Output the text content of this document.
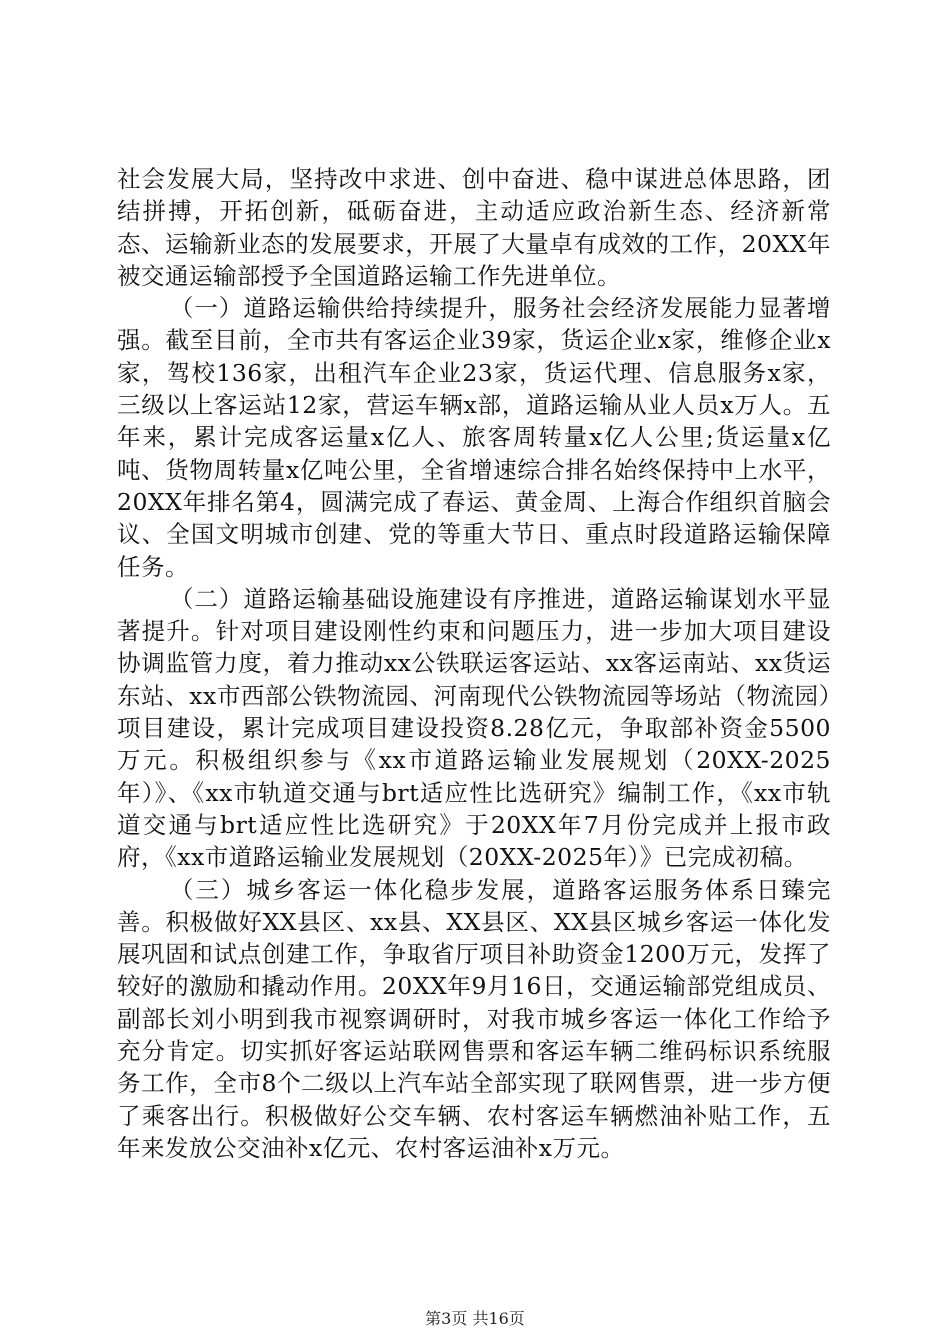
社会发展大局，坚持改中求进、创中奋进、稳中谋进总体思路，团结拼搏，开拓创新，砥砺奋进，主动适应政治新生态、经济新常态、运输新业态的发展要求，开展了大量卓有成效的工作，20XX年被交通运输部授予全国道路运输工作先进单位。

（一）道路运输供给持续提升，服务社会经济发展能力显著增强。截至目前，全市共有客运企业39家，货运企业x家，维修企业x家，驾校136家，出租汽车企业23家，货运代理、信息服务x家，三级以上客运站12家，营运车辆x部，道路运输从业人员x万人。五年来，累计完成客运量x亿人、旅客周转量x亿人公里;货运量x亿吨、货物周转量x亿吨公里，全省增速综合排名始终保持中上水平，20XX年排名第4，圆满完成了春运、黄金周、上海合作组织首脑会议、全国文明城市创建、党的等重大节日、重点时段道路运输保障任务。

（二）道路运输基础设施建设有序推进，道路运输谋划水平显著提升。针对项目建设刚性约束和问题压力，进一步加大项目建设协调监管力度，着力推动xx公铁联运客运站、xx客运南站、xx货运东站、xx市西部公铁物流园、河南现代公铁物流园等场站（物流园）项目建设，累计完成项目建设投资8.28亿元，争取部补资金5500万元。积极组织参与《xx市道路运输业发展规划（20XX-2025年）》、《xx市轨道交通与brt适应性比选研究》编制工作，《xx市轨道交通与brt适应性比选研究》于20XX年7月份完成并上报市政府，《xx市道路运输业发展规划（20XX-2025年）》已完成初稿。

（三）城乡客运一体化稳步发展，道路客运服务体系日臻完善。积极做好XX县区、xx县、XX县区、XX县区城乡客运一体化发展巩固和试点创建工作，争取省厅项目补助资金1200万元，发挥了较好的激励和撬动作用。20XX年9月16日，交通运输部党组成员、副部长刘小明到我市视察调研时，对我市城乡客运一体化工作给予充分肯定。切实抓好客运站联网售票和客运车辆二维码标识系统服务工作，全市8个二级以上汽车站全部实现了联网售票，进一步方便了乘客出行。积极做好公交车辆、农村客运车辆燃油补贴工作，五年来发放公交油补x亿元、农村客运油补x万元。

第3页 共16页
